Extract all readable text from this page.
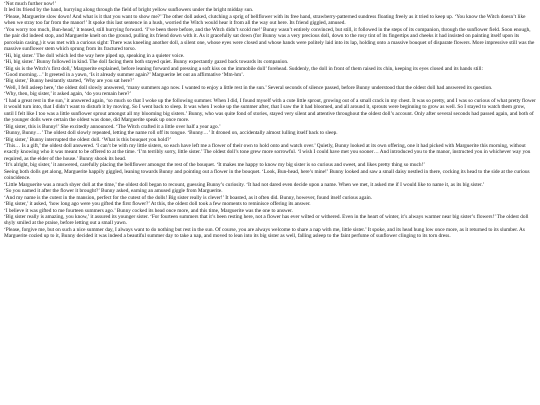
‘Not much further now!’

It led its friend by the hand, hurrying along through the field of bright yellow sunflowers under the bright midday sun.

‘Please, Marguerite slow down! And what is it that you want to show me?’ The other doll asked, clutching a sprig of bellflower with its free hand, strawberry-patterned sundress floating freely as it tried to keep up. ‘You know the Witch doesn’t like when we stray too far from the manor!’ It spoke this last sentence in a hush, worried the Witch would hear it from all the way out here. Its friend giggled, amused.

‘You worry too much, Bun-head,’ it teased, still hurrying forward. ‘I’ve been there before, and the Witch didn’t scold me!’ Bunny wasn’t entirely convinced, but still, it followed in the steps of its companion, through the sunflower field. Soon enough, the pair did indeed stop, and Marguerite knelt on the ground, pulling its friend down with it. As it gracefully sat down (for Bunny was a very precious doll, down to the rosy tint of its fingertips and cheeks it had insisted on painting itself upon its porcelain casing,) it was met with a curious sight: There was kneeling another doll, a silent one, whose eyes were closed and whose hands were politely laid into its lap, holding onto a massive bouquet of disparate flowers. More impressive still was the massive sunflower stem which sprung from its fractured torso.

‘Hi, big sister.’ The doll which led the way here piped up, speaking in a quieter voice.

‘Hi, big sister.’ Bunny followed in kind. The doll facing them both stayed quiet. Bunny expectantly gazed back towards its companion.

‘Big sis is the Witch’s first doll,’ Marguerite explained, before leaning forward and pressing a soft kiss on the immobile doll’ forehead. Suddenly, the doll in front of them raised its chin, keeping its eyes closed and its hands still:

‘Good morning…’ It greeted in a yawn, ‘Is it already summer again?’ Marguerite let out an affirmative ‘Mm-hm’.

‘Big sister,’ Bunny hesitantly started, ‘Why are you sat here?’

‘Well, I fell asleep here,’ the oldest doll slowly answered, ‘many summers ago now. I wanted to enjoy a little rest in the sun.’ Several seconds of silence passed, before Bunny understood that the oldest doll had answered its question.

‘Why, then, big sister,’ it asked again, ‘do you remain here?’

‘I had a great rest in the sun,’ it answered again, ‘so much so that I woke up the following summer. When I did, I found myself with a cute little sprout, growing out of a small crack in my chest. It was so pretty, and I was so curious of what pretty flower it would turn into, that I didn’t want to disturb it by moving. So I went back to sleep. It was when I woke up the summer after, that I saw the it had bloomed, and all around it, sprouts were beginning to grow as well. So I stayed to watch them grow, until I felt like I too was a little sunflower sprout amongst all my blooming big sisters.’ Bunny, who was quite fond of stories, stayed very silent and attentive throughout the oldest doll’s account. Only after several seconds had passed again, and both of the younger dolls were certain the oldest was done, did Marguerite speak up once more.

‘Big sister, this is Bunny!’ She excitedly announced. ‘The Witch crafted it a little over half a year ago.’

‘Bunny, Bunny…’ The oldest doll slowly repeated, letting the name roll off its tongue. ‘Bunny…’ It droned on, accidentally almost lulling itself back to sleep.

‘Big sister,’ Bunny interrupted the oldest doll. ‘What is this bouquet you hold?’

‘This… Is a gift,’ the oldest doll answered. ‘I can’t be with my little sisters, so each have left me a flower of their own to hold onto and watch over.’ Quietly, Bunny looked at its own offering, one it had picked with Marguerite this morning, without exactly knowing who it was meant to be offered to at the time. ‘I’m terribly sorry, little sister.’ The oldest doll’s tone grew more sorrowful. ‘I wish I could have met you sooner… And introduced you to the manor, instructed you in whichever way you required, as the elder of the house.’ Bunny shook its head.

‘It’s alright, big sister,’ it answered, carefully placing the bellflower amongst the rest of the bouquet. ‘It makes me happy to know my big sister is so curious and sweet, and likes pretty thing so much!’

Seeing both dolls get along, Marguerite happily giggled, leaning towards Bunny and pointing out a flower in the bouquet. ‘Look, Bun-head, here’s mine!’ Bunny looked and saw a small daisy nestled in there, cocking its head to the side at the curious coincidence.

‘Little Marguerite was a much shyer doll at the time,’ the oldest doll began to recount, guessing Bunny’s curiosity. ‘It had not dared even decide upon a name. When we met, it asked me if I would like to name it, as its big sister.’

‘So you named it after the flower it brought?’ Bunny asked, earning an amused giggle from Marguerite.

‘And my name is the cutest in the mansion, perfect for the cutest of the dolls! Big sister really is clever!’ It boasted, as it often did. Bunny, however, found itself curious again.

‘Big sister,’ it asked, ‘how long ago were you gifted the first flower?’ At this, the oldest doll took a few moments to reminisce offering its answer.

‘I believe it was gifted to me fourteen summers ago.’ Bunny cocked its head once more, and this time, Marguerite was the one to answer.

‘Big sister really is amazing, you know,’ it assured its younger sister. ‘For fourteen summers that it’s been resting here, not a flower has ever wilted or withered. Even in the heart of winter, it’s always warmer near big sister’s flowers!’ The oldest doll shyly smiled at the praise, before letting out a small yawn.

‘Please, forgive me, but on such a nice summer day, I always want to do nothing but rest in the sun. Of course, you are always welcome to share a nap with me, little sister.’ It spoke, and its head hung low once more, as it returned to its slumber. As Marguerite cozied up to it, Bunny decided it was indeed a beautiful summer day to take a nap, and moved to lean into its big sister as well, falling asleep to the faint perfume of sunflower clinging to its torn dress.
